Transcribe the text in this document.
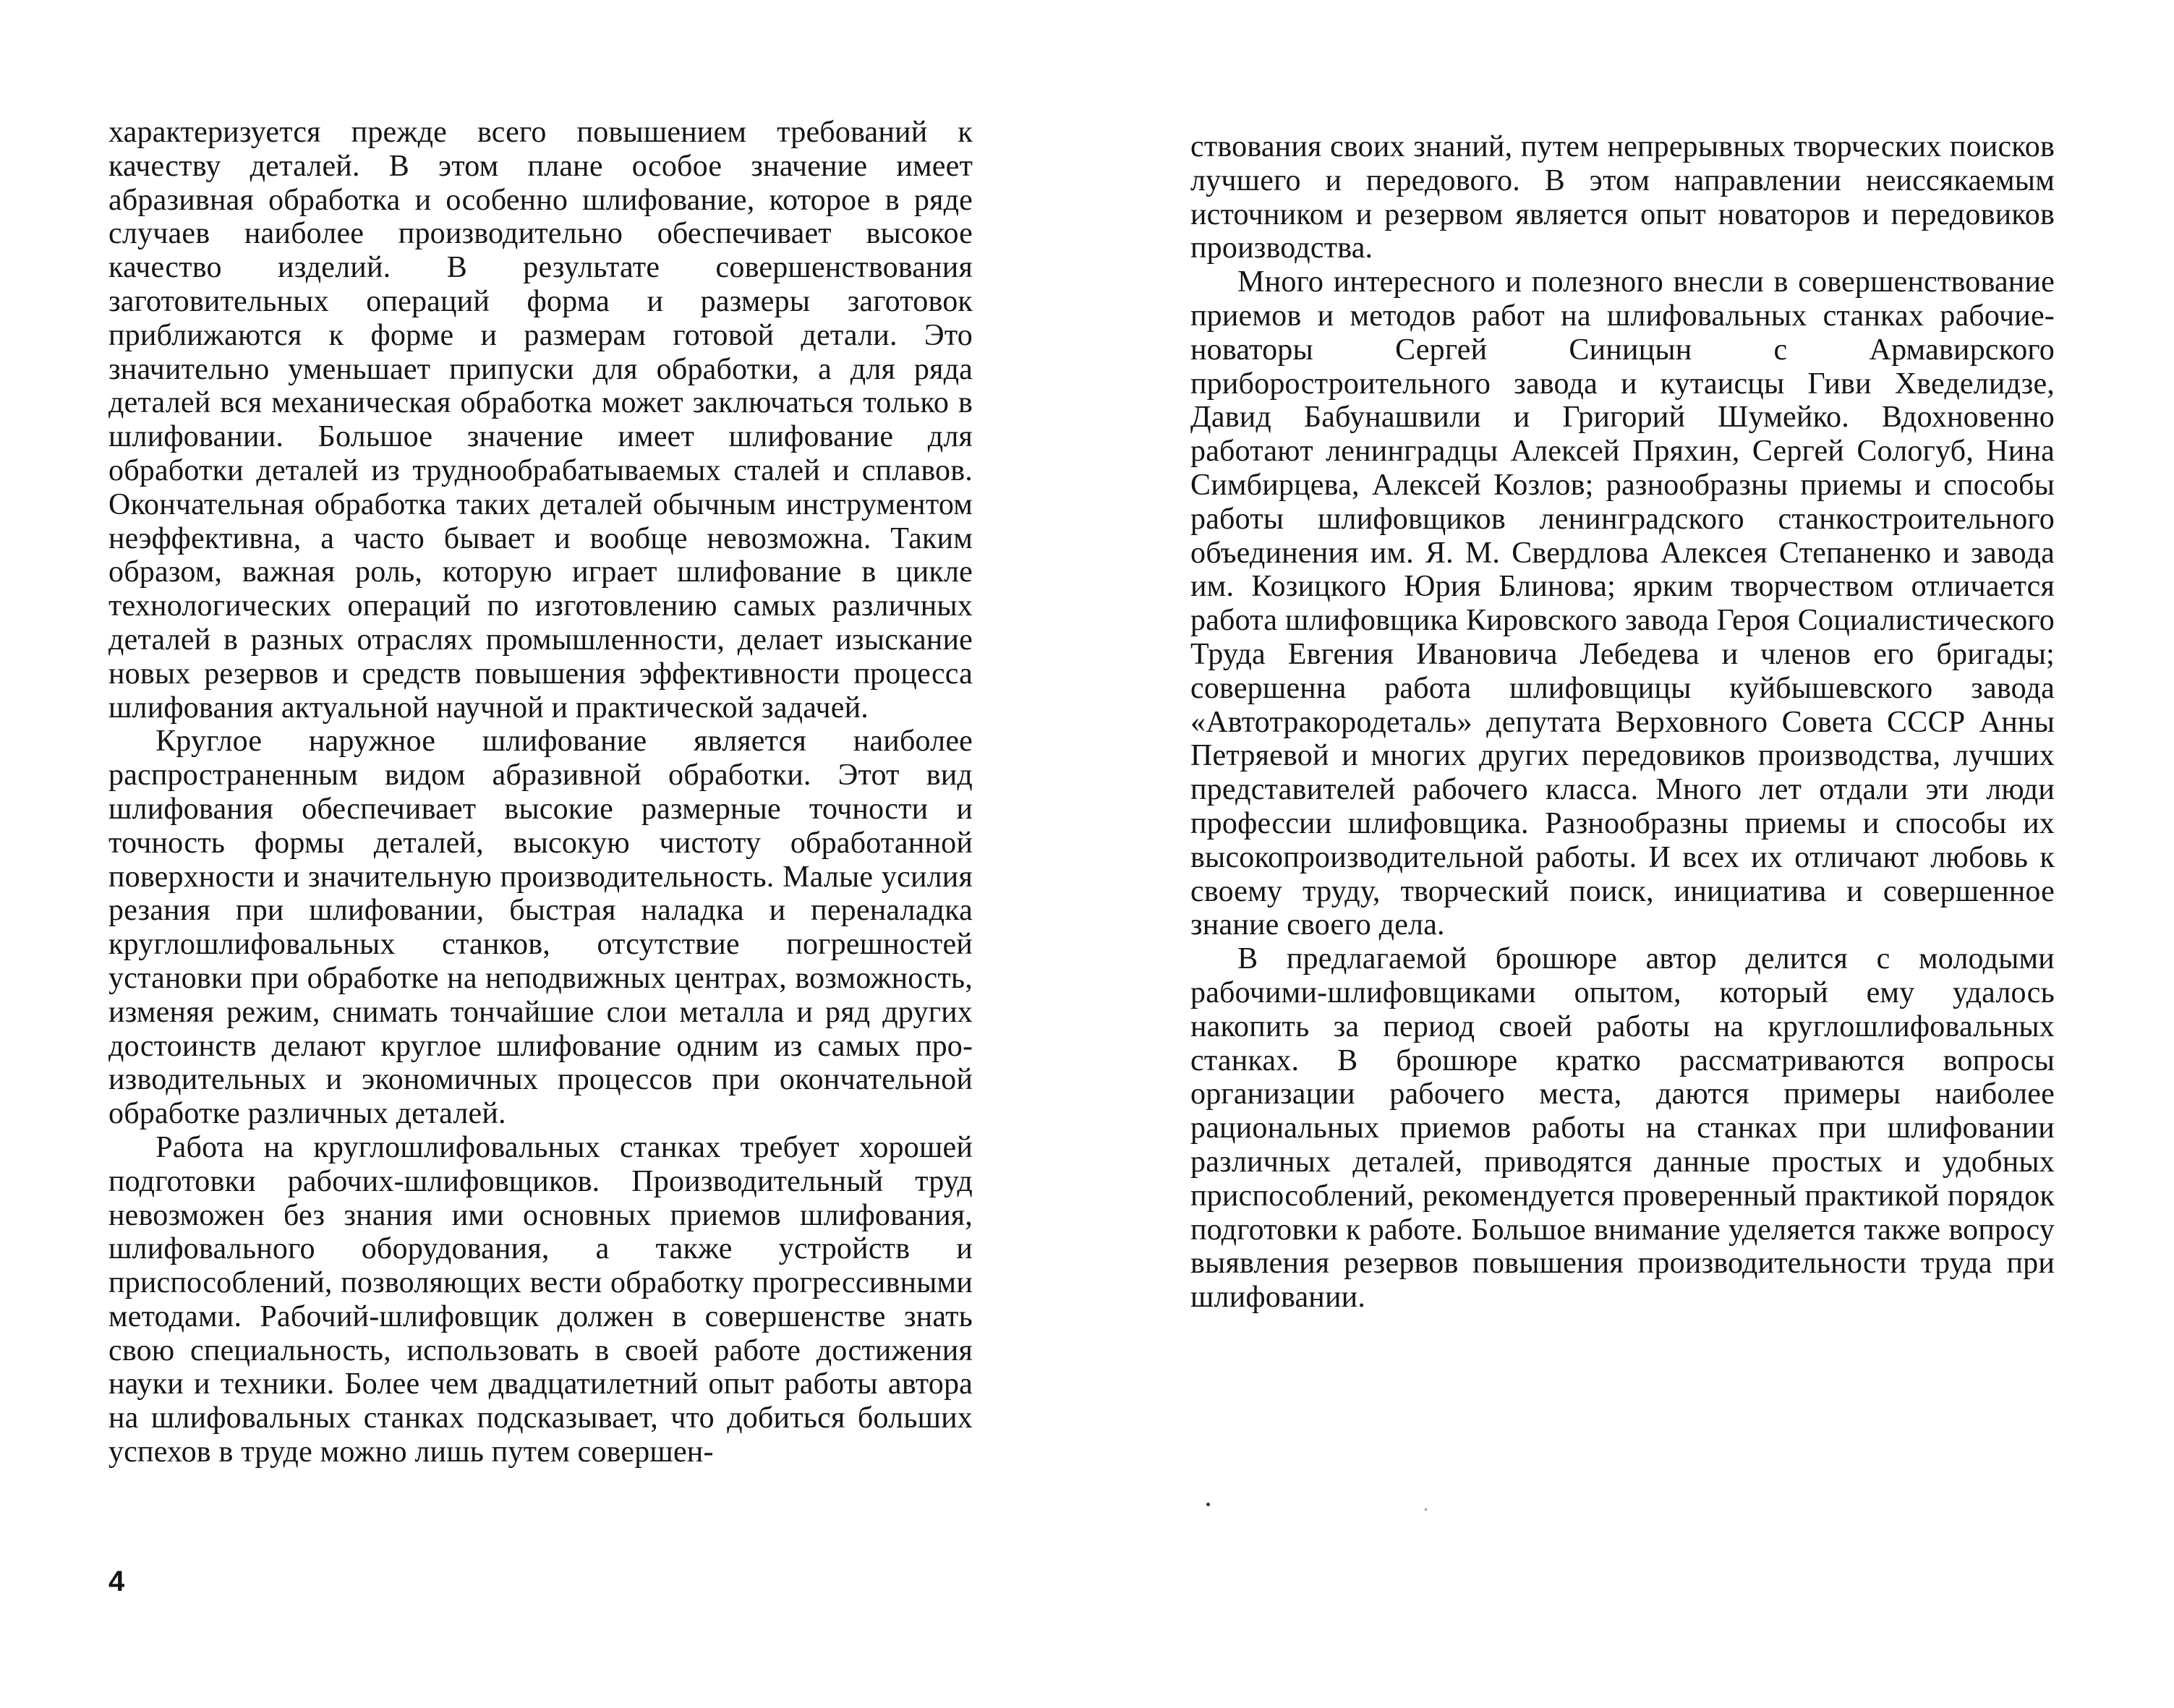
характеризуется прежде всего повышением требований к качеству деталей. В этом плане особое значение имеет абразивная обработка и особенно шлифование, которое в ряде случаев наиболее производительно обеспечивает высокое качество изделий. В результате совершенствования заготовительных операций форма и размеры заготовок приближаются к форме и размерам готовой детали. Это значительно уменьшает припуски для обработки, а для ряда деталей вся механическая обработка может заключаться только в шлифовании. Большое значение имеет шлифование для обработки деталей из труднообрабатываемых сталей и сплавов. Окончательная обработка таких деталей обычным инструментом неэффективна, а часто бывает и вообще невозможна. Таким образом, важная роль, которую играет шлифование в цикле технологических операций по изготовлению самых различных деталей в разных отраслях промышленности, делает изыскание новых резервов и средств повышения эффективности процесса шлифования актуальной научной и практической задачей.

Круглое наружное шлифование является наиболее распространенным видом абразивной обработки. Этот вид шлифования обеспечивает высокие размерные точности и точность формы деталей, высокую чистоту обработанной поверхности и значительную производительность. Малые усилия резания при шлифовании, быстрая наладка и переналадка круглошлифовальных станков, отсутствие погрешностей установки при обработке на неподвижных центрах, возможность, изменяя режим, снимать тончайшие слои металла и ряд других достоинств делают круглое шлифование одним из самых производительных и экономичных процессов при окончательной обработке различных деталей.

Работа на круглошлифовальных станках требует хорошей подготовки рабочих-шлифовщиков. Производительный труд невозможен без знания ими основных приемов шлифования, шлифовального оборудования, а также устройств и приспособлений, позволяющих вести обработку прогрессивными методами. Рабочий-шлифовщик должен в совершенстве знать свою специальность, использовать в своей работе достижения науки и техники. Более чем двадцатилетний опыт работы автора на шлифовальных станках подсказывает, что добиться больших успехов в труде можно лишь путем совершен-

4

ствования своих знаний, путем непрерывных творческих поисков лучшего и передового. В этом направлении неиссякаемым источником и резервом является опыт новаторов и передовиков производства.

Много интересного и полезного внесли в совершенствование приемов и методов работ на шлифовальных станках рабочие-новаторы Сергей Синицын с Армавирского приборостроительного завода и кутаисцы Гиви Хведелидзе, Давид Бабунашвили и Григорий Шумейко. Вдохновенно работают ленинградцы Алексей Пряхин, Сергей Сологуб, Нина Симбирцева, Алексей Козлов; разнообразны приемы и способы работы шлифовщиков ленинградского станкостроительного объединения им. Я. М. Свердлова Алексея Степаненко и завода им. Козицкого Юрия Блинова; ярким творчеством отличается работа шлифовщика Кировского завода Героя Социалистического Труда Евгения Ивановича Лебедева и членов его бригады; совершенна работа шлифовщицы куйбышевского завода «Автотракородеталь» депутата Верховного Совета СССР Анны Петряевой и многих других передовиков производства, лучших представителей рабочего класса. Много лет отдали эти люди профессии шлифовщика. Разнообразны приемы и способы их высокопроизводительной работы. И всех их отличают любовь к своему труду, творческий поиск, инициатива и совершенное знание своего дела.

В предлагаемой брошюре автор делится с молодыми рабочими-шлифовщиками опытом, который ему удалось накопить за период своей работы на круглошлифовальных станках. В брошюре кратко рассматриваются вопросы организации рабочего места, даются примеры наиболее рациональных приемов работы на станках при шлифовании различных деталей, приводятся данные простых и удобных приспособлений, рекомендуется проверенный практикой порядок подготовки к работе. Большое внимание уделяется также вопросу выявления резервов повышения производительности труда при шлифовании.
